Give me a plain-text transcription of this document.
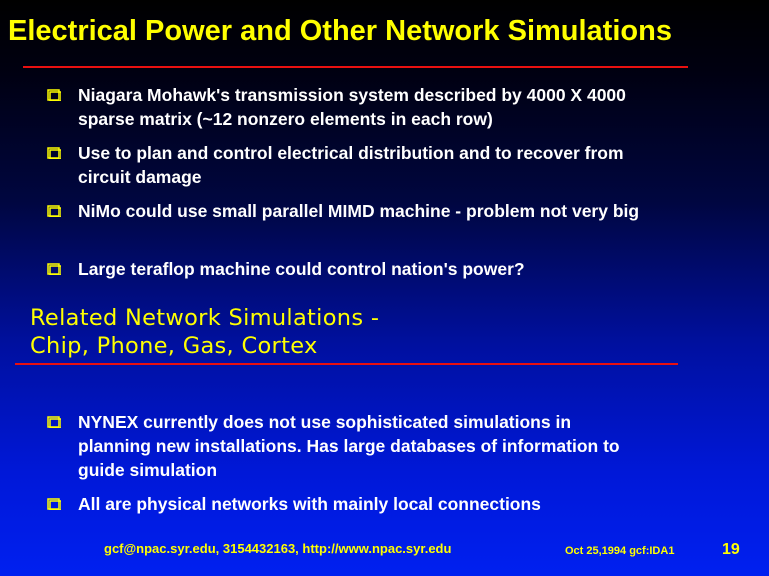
Electrical Power and Other Network Simulations
Niagara Mohawk's transmission system described by 4000 X 4000
sparse matrix (~12 nonzero elements in each row)
Use to plan and control electrical distribution and to recover from
circuit damage
NiMo could use small parallel MIMD machine - problem not very big
Large teraflop machine could control nation's power?
Related Network Simulations -
Chip, Phone, Gas, Cortex
NYNEX currently does not use sophisticated simulations in
planning new installations. Has large databases of information to
guide simulation
All are physical networks with mainly local connections
gcf@npac.syr.edu, 3154432163, http://www.npac.syr.edu	Oct 25,1994 gcf:IDA1	19
